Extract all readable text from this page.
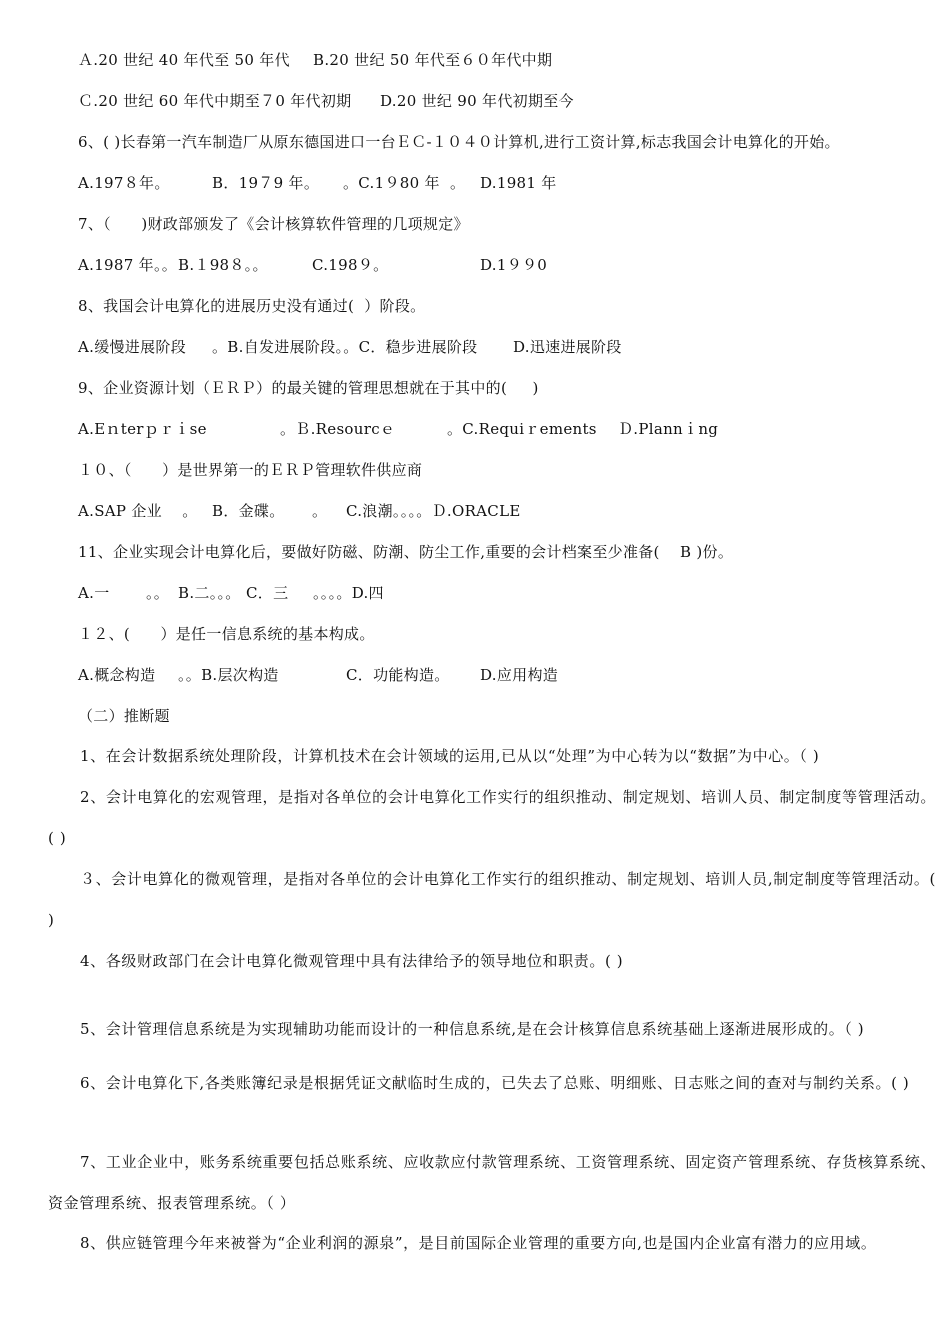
Ａ.20 世纪 40 年代至 50 年代 B.20 世纪 50 年代至６０年代中期
Ｃ.20 世纪 60 年代中期至７0 年代初期 D.20 世纪 90 年代初期至今
6、( )长春第一汽车制造厂从原东德国进口一台ＥＣ-１０４０计算机,进行工资计算,标志我国会计电算化的开始。
A.197８年。	B．19７9 年。 。C.1９80 年  。 D.1981 年
7、（      )财政部颁发了《会计核算软件管理的几项规定》
A.1987 年。。 B.１98８。。	C.198９。	D.1９９0
8、我国会计电算化的进展历史没有通过(  ）阶段。
A.缓慢进展阶段 。B.自发进展阶段。。C．稳步进展阶段 D.迅速进展阶段
9、企业资源计划（ＥＲＰ）的最关键的管理思想就在于其中的(     )
A.Eｎterｐｒｉse	。Ｂ.Resourcｅ	。C.Requiｒements Ｄ.Plannｉng
１０、（      ）是世界第一的ＥＲＰ管理软件供应商
A.SAP 企业    。 B．金碟。 。 C.浪潮。。。。Ｄ.ORACLE
11、企业实现会计电算化后，要做好防磁、防潮、防尘工作,重要的会计档案至少准备(    B )份。
A.一 。。 B.二。。。 C．三 。。。。D.四
１２、(      ）是任一信息系统的基本构成。
A.概念构造 。。B.层次构造	C．功能构造。 D.应用构造
（二）推断题
1、在会计数据系统处理阶段，计算机技术在会计领域的运用,已从以“处理”为中心转为以“数据”为中心。（ )
2、会计电算化的宏观管理，是指对各单位的会计电算化工作实行的组织推动、制定规划、培训人员、制定制度等管理活动。( )
３、会计电算化的微观管理，是指对各单位的会计电算化工作实行的组织推动、制定规划、培训人员,制定制度等管理活动。( )
4、各级财政部门在会计电算化微观管理中具有法律给予的领导地位和职责。( )
5、会计管理信息系统是为实现辅助功能而设计的一种信息系统,是在会计核算信息系统基础上逐渐进展形成的。（ )
6、会计电算化下,各类账簿纪录是根据凭证文献临时生成的，已失去了总账、明细账、日志账之间的查对与制约关系。( )
7、工业企业中，账务系统重要包括总账系统、应收款应付款管理系统、工资管理系统、固定资产管理系统、存货核算系统、资金管理系统、报表管理系统。（ ）
8、供应链管理今年来被誉为“企业利润的源泉”，是目前国际企业管理的重要方向,也是国内企业富有潜力的应用域。
